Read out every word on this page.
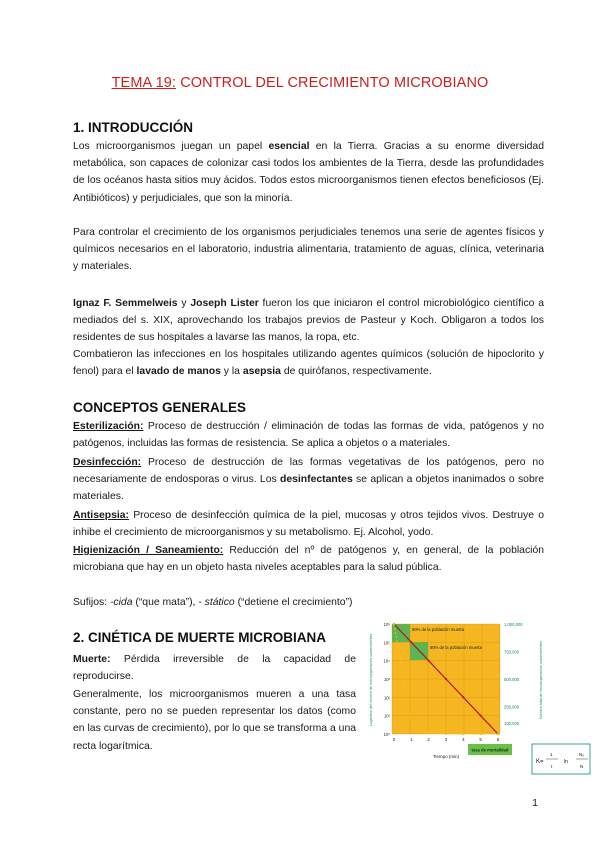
TEMA 19: CONTROL DEL CRECIMIENTO MICROBIANO
1. INTRODUCCIÓN

Los microorganismos juegan un papel esencial en la Tierra. Gracias a su enorme diversidad metabólica, son capaces de colonizar casi todos los ambientes de la Tierra, desde las profundidades de los océanos hasta sitios muy ácidos. Todos estos microorganismos tienen efectos beneficiosos (Ej. Antibióticos) y perjudiciales, que son la minoría.

Para controlar el crecimiento de los organismos perjudiciales tenemos una serie de agentes físicos y químicos necesarios en el laboratorio, industria alimentaria, tratamiento de aguas, clínica, veterinaria y materiales.

Ignaz F. Semmelweis y Joseph Lister fueron los que iniciaron el control microbiológico científico a mediados del s. XIX, aprovechando los trabajos previos de Pasteur y Koch. Obligaron a todos los residentes de sus hospitales a lavarse las manos, la ropa, etc.

Combatieron las infecciones en los hospitales utilizando agentes químicos (solución de hipoclorito y fenol) para el lavado de manos y la asepsia de quirófanos, respectivamente.

CONCEPTOS GENERALES

Esterilización: Proceso de destrucción / eliminación de todas las formas de vida, patógenos y no patógenos, incluidas las formas de resistencia. Se aplica a objetos o a materiales.

Desinfección: Proceso de destrucción de las formas vegetativas de los patógenos, pero no necesariamente de endosporas o virus. Los desinfectantes se aplican a objetos inanimados o sobre materiales.

Antisepsia: Proceso de desinfección química de la piel, mucosas y otros tejidos vivos. Destruye o inhibe el crecimiento de microorganismos y su metabolismo. Ej. Alcohol, yodo.

Higienización / Saneamiento: Reducción del nº de patógenos y, en general, de la población microbiana que hay en un objeto hasta niveles aceptables para la salud pública.

Sufijos: -cida (“que mata”), - stático (“detiene el crecimiento”)

2. CINÉTICA DE MUERTE MICROBIANA

Muerte: Pérdida irreversible de la capacidad de reproducirse.

Generalmente, los microorganismos mueren a una tasa constante, pero no se pueden representar los datos (como en las curvas de crecimiento), por lo que se transforma a una recta logarítmica.

90% de la población muerta
90% de la población muerta
10⁶
10⁵
10⁴
10³
10²
10¹
10⁰
1,000,000
750,000
500,000
250,000
100,000
0	1	2	3	4	5	6
Tiempo (min)
Logaritmo del número de microorganismos sobrevivientes	Número total de microorganismos sobrevivientes
tasa de mortalidad
K=	ln
N₀
N
1
t
1
